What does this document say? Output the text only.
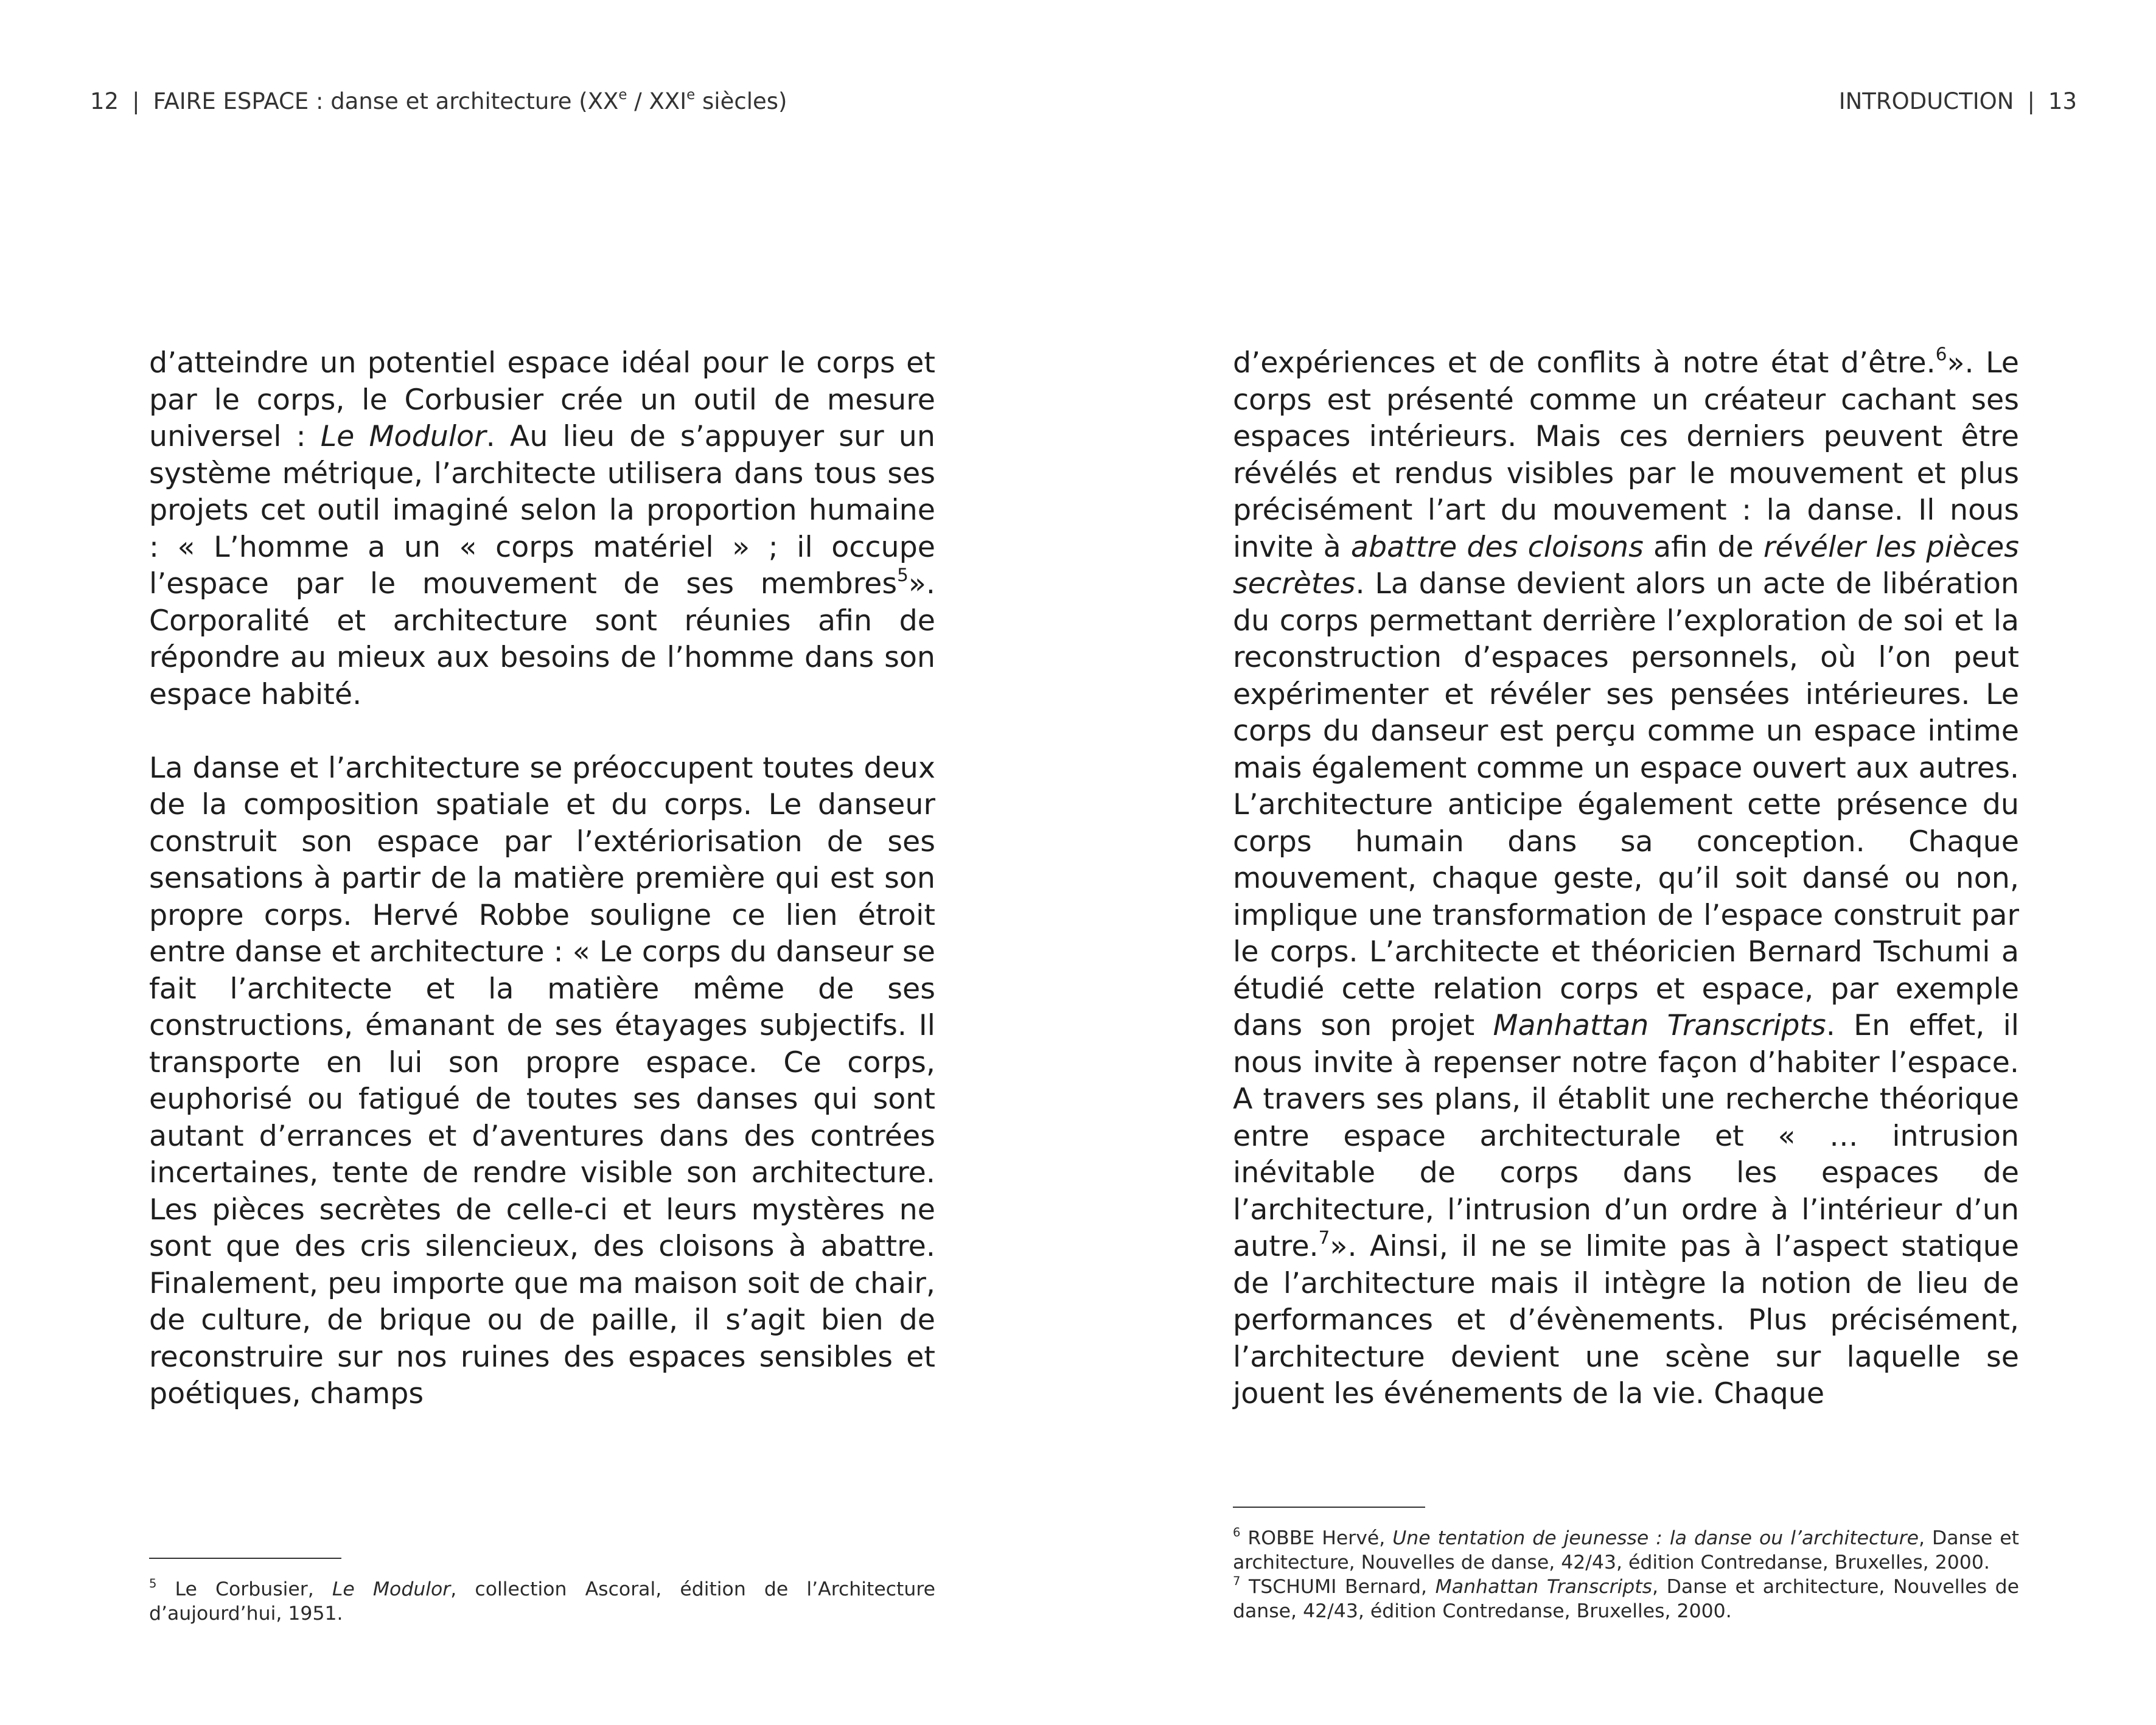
12 | FAIRE ESPACE : danse et architecture (XXe / XXIe siècles)	INTRODUCTION | 13

d’atteindre un potentiel espace idéal pour le corps et par le corps, le Corbusier crée un outil de mesure universel : Le Modulor. Au lieu de s’appuyer sur un système métrique, l’architecte utilisera dans tous ses projets cet outil imaginé selon la proportion humaine : « L’homme a un « corps matériel » ; il occupe l’espace par le mouvement de ses membres$^5$». Corporalité et architecture sont réunies afin de répondre au mieux aux besoins de l’homme dans son espace habité.

La danse et l’architecture se préoccupent toutes deux de la composition spatiale et du corps. Le danseur construit son espace par l’extériorisation de ses sensations à partir de la matière première qui est son propre corps. Hervé Robbe souligne ce lien étroit entre danse et architecture : « Le corps du danseur se fait l’architecte et la matière même de ses constructions, émanant de ses étayages subjectifs. Il transporte en lui son propre espace. Ce corps, euphorisé ou fatigué de toutes ses danses qui sont autant d’errances et d’aventures dans des contrées incertaines, tente de rendre visible son architecture. Les pièces secrètes de celle-ci et leurs mystères ne sont que des cris silencieux, des cloisons à abattre. Finalement, peu importe que ma maison soit de chair, de culture, de brique ou de paille, il s’agit bien de reconstruire sur nos ruines des espaces sensibles et poétiques, champs

d’expériences et de conflits à notre état d’être.$^6$». Le corps est présenté comme un créateur cachant ses espaces intérieurs. Mais ces derniers peuvent être révélés et rendus visibles par le mouvement et plus précisément l’art du mouvement : la danse. Il nous invite à abattre des cloisons afin de révéler les pièces secrètes. La danse devient alors un acte de libération du corps permettant derrière l’exploration de soi et la reconstruction d’espaces personnels, où l’on peut expérimenter et révéler ses pensées intérieures. Le corps du danseur est perçu comme un espace intime mais également comme un espace ouvert aux autres. L’architecture anticipe également cette présence du corps humain dans sa conception. Chaque mouvement, chaque geste, qu’il soit dansé ou non, implique une transformation de l’espace construit par le corps. L’architecte et théoricien Bernard Tschumi a étudié cette relation corps et espace, par exemple dans son projet Manhattan Transcripts. En effet, il nous invite à repenser notre façon d’habiter l’espace. A travers ses plans, il établit une recherche théorique entre espace architecturale et « … intrusion inévitable de corps dans les espaces de l’architecture, l’intrusion d’un ordre à l’intérieur d’un autre.$^7$». Ainsi, il ne se limite pas à l’aspect statique de l’architecture mais il intègre la notion de lieu de performances et d’évènements. Plus précisément, l’architecture devient une scène sur laquelle se jouent les événements de la vie. Chaque

$^5$ Le Corbusier, Le Modulor, collection Ascoral, édition de l’Architecture d’aujourd’hui, 1951.

$^6$ ROBBE Hervé, Une tentation de jeunesse : la danse ou l’architecture, Danse et architecture, Nouvelles de danse, 42/43, édition Contredanse, Bruxelles, 2000.

$^7$ TSCHUMI Bernard, Manhattan Transcripts, Danse et architecture, Nouvelles de danse, 42/43, édition Contredanse, Bruxelles, 2000.
